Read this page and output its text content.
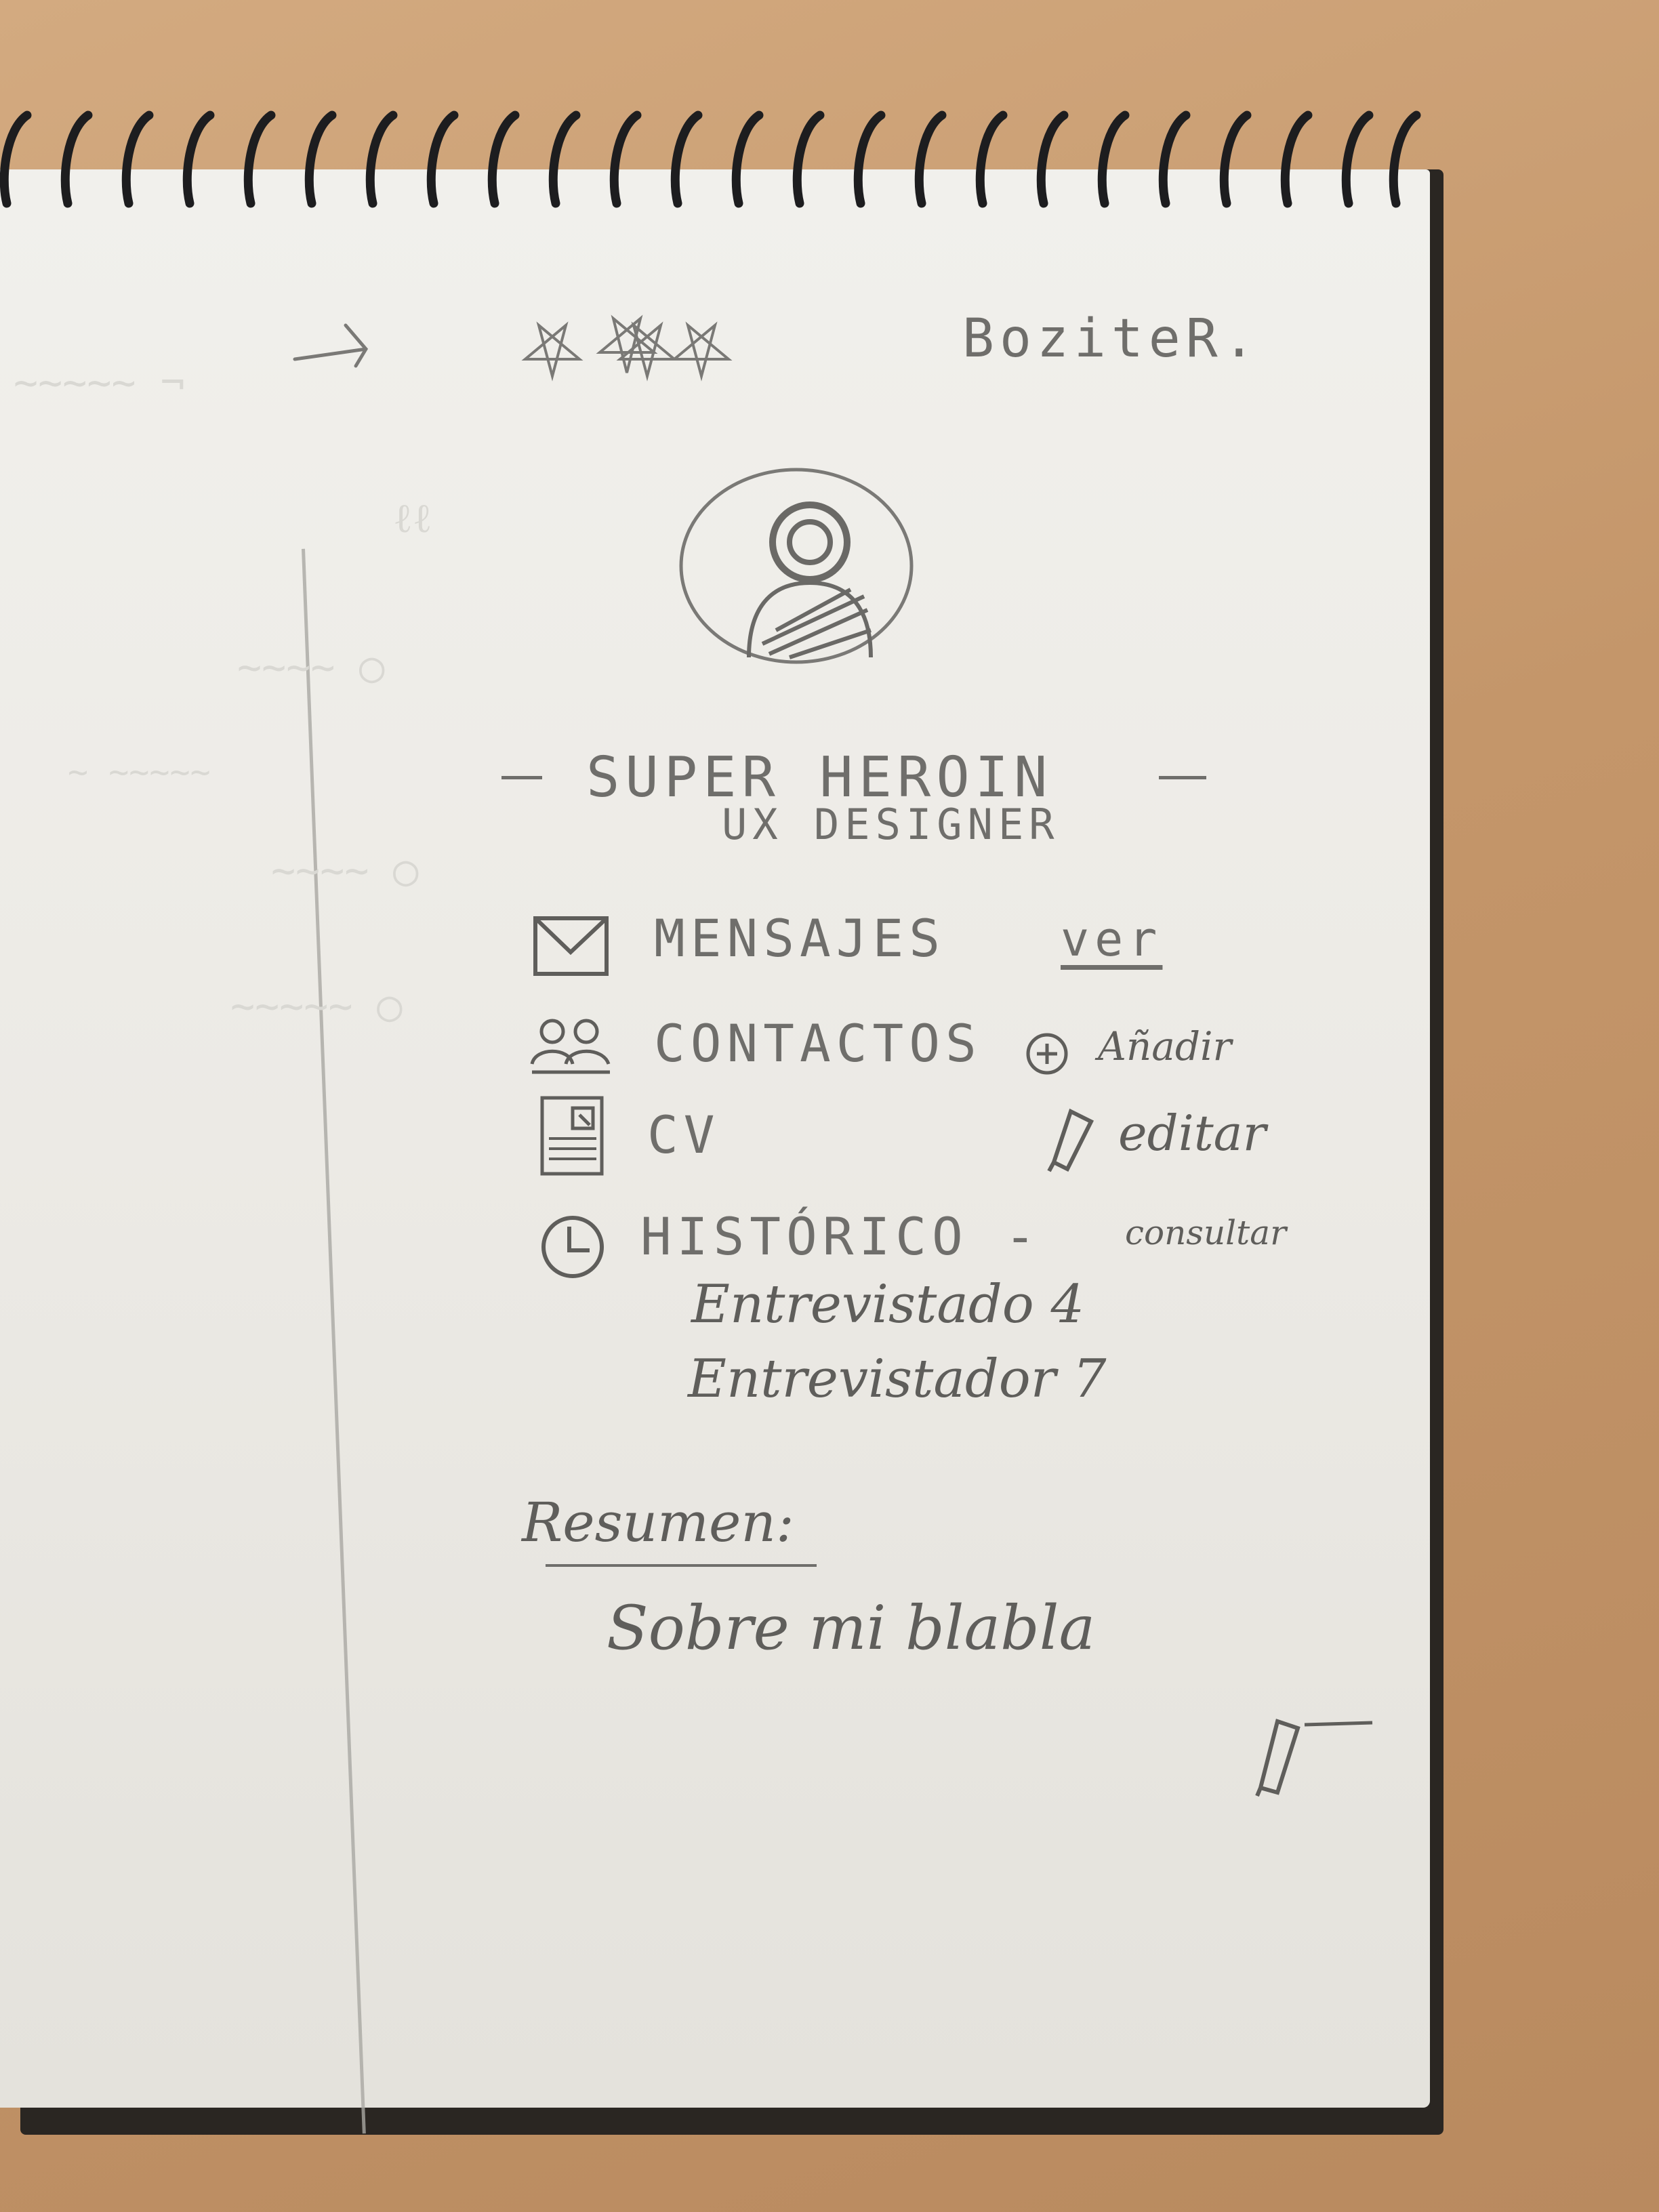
~~~~~ ¬
ℓℓ
~~~~ ◯
~ ~~~~~
~~~~ ◯
~~~~~ ◯
BoziteR.
SUPER HEROIN
UX DESIGNER
MENSAJES ver
CONTACTOS	Añadir
CV	editar
HISTÓRICO - consultar
Entrevistado 4
Entrevistador 7
Resumen:
Sobre mi blabla
